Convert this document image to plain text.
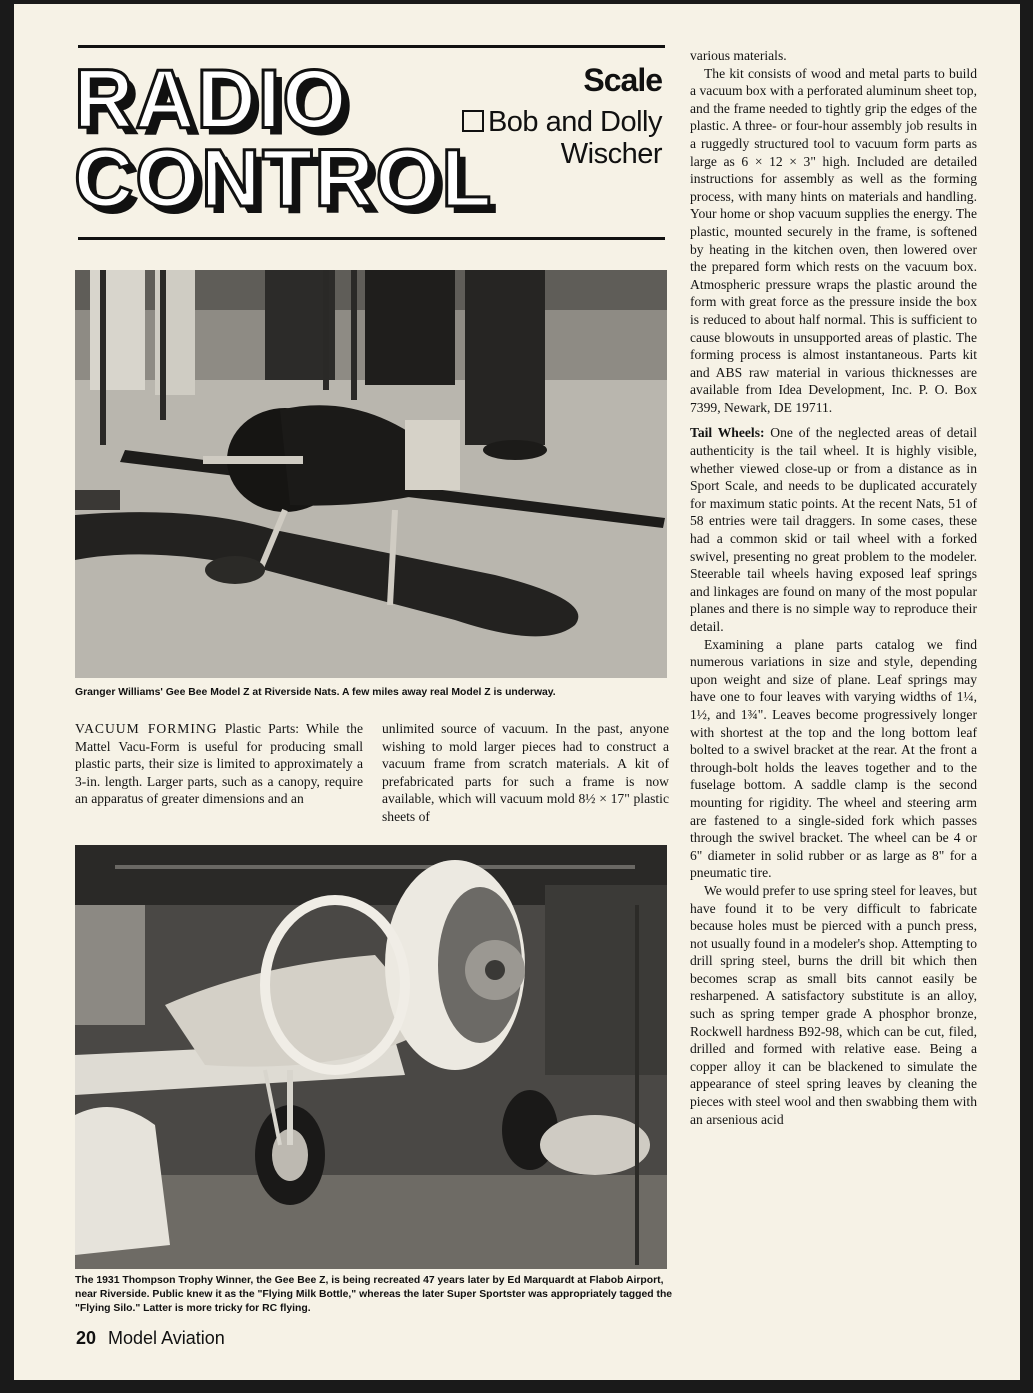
RADIO
CONTROL

Scale

Bob and Dolly
Wischer

Granger Williams' Gee Bee Model Z at Riverside Nats. A few miles away real Model Z is underway.

VACUUM FORMING Plastic Parts: While the Mattel Vacu-Form is useful for producing small plastic parts, their size is limited to approximately a 3-in. length. Larger parts, such as a canopy, require an apparatus of greater dimensions and an

unlimited source of vacuum. In the past, anyone wishing to mold larger pieces had to construct a vacuum frame from scratch materials. A kit of prefabricated parts for such a frame is now available, which will vacuum mold 8½ × 17" plastic sheets of

The 1931 Thompson Trophy Winner, the Gee Bee Z, is being recreated 47 years later by Ed Marquardt at Flabob Airport, near Riverside. Public knew it as the "Flying Milk Bottle," whereas the later Super Sportster was appropriately tagged the "Flying Silo." Latter is more tricky for RC flying.

various materials.

The kit consists of wood and metal parts to build a vacuum box with a perforated aluminum sheet top, and the frame needed to tightly grip the edges of the plastic. A three- or four-hour assembly job results in a ruggedly structured tool to vacuum form parts as large as 6 × 12 × 3" high. Included are detailed instructions for assembly as well as the forming process, with many hints on materials and handling. Your home or shop vacuum supplies the energy. The plastic, mounted securely in the frame, is softened by heating in the kitchen oven, then lowered over the prepared form which rests on the vacuum box. Atmospheric pressure wraps the plastic around the form with great force as the pressure inside the box is reduced to about half normal. This is sufficient to cause blowouts in unsupported areas of plastic. The forming process is almost instantaneous. Parts kit and ABS raw material in various thicknesses are available from Idea Development, Inc. P. O. Box 7399, Newark, DE 19711.

Tail Wheels: One of the neglected areas of detail authenticity is the tail wheel. It is highly visible, whether viewed close-up or from a distance as in Sport Scale, and needs to be duplicated accurately for maximum static points. At the recent Nats, 51 of 58 entries were tail draggers. In some cases, these had a common skid or tail wheel with a forked swivel, presenting no great problem to the modeler. Steerable tail wheels having exposed leaf springs and linkages are found on many of the most popular planes and there is no simple way to reproduce their detail.

Examining a plane parts catalog we find numerous variations in size and style, depending upon weight and size of plane. Leaf springs may have one to four leaves with varying widths of 1¼, 1½, and 1¾". Leaves become progressively longer with shortest at the top and the long bottom leaf bolted to a swivel bracket at the rear. At the front a through-bolt holds the leaves together and to the fuselage bottom. A saddle clamp is the second mounting for rigidity. The wheel and steering arm are fastened to a single-sided fork which passes through the swivel bracket. The wheel can be 4 or 6" diameter in solid rubber or as large as 8" for a pneumatic tire.

We would prefer to use spring steel for leaves, but have found it to be very difficult to fabricate because holes must be pierced with a punch press, not usually found in a modeler's shop. Attempting to drill spring steel, burns the drill bit which then becomes scrap as small bits cannot easily be resharpened. A satisfactory substitute is an alloy, such as spring temper grade A phosphor bronze, Rockwell hardness B92-98, which can be cut, filed, drilled and formed with relative ease. Being a copper alloy it can be blackened to simulate the appearance of steel spring leaves by cleaning the pieces with steel wool and then swabbing them with an arsenious acid

20 Model Aviation
